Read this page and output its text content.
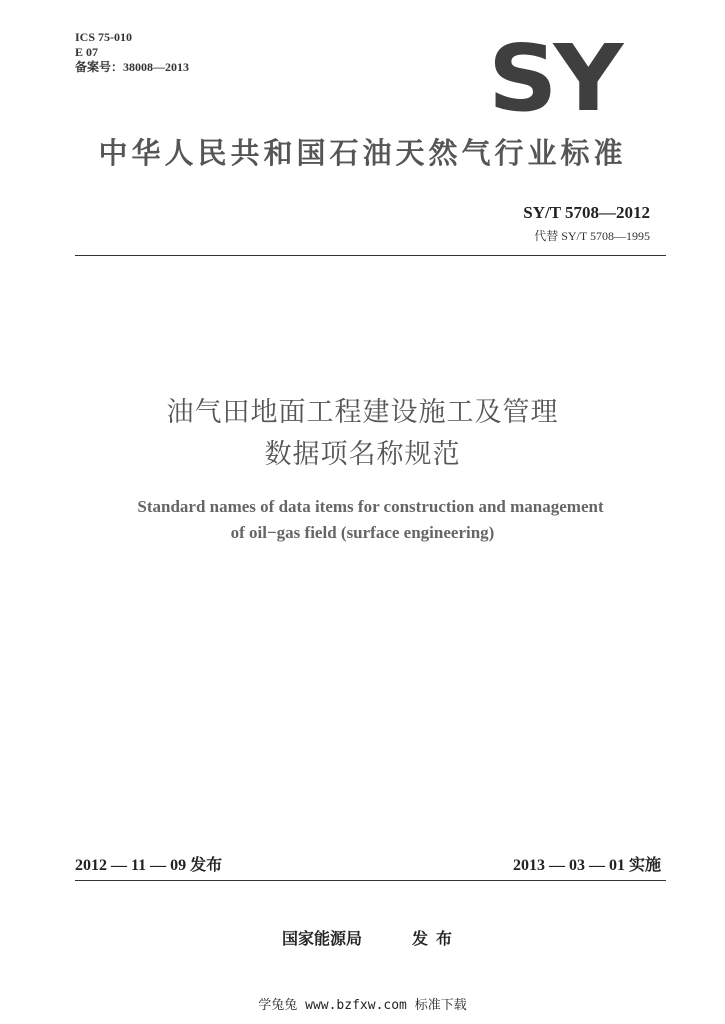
ICS 75-010
E 07
备案号：38008—2013	SY
中华人民共和国石油天然气行业标准
SY/T 5708—2012
代替 SY/T 5708—1995
油气田地面工程建设施工及管理
数据项名称规范
Standard names of data items for construction and management
of oil−gas field (surface engineering)
2012 — 11 — 09 发布	2013 — 03 — 01 实施
国家能源局	发布
学兔兔 www.bzfxw.com 标准下载
